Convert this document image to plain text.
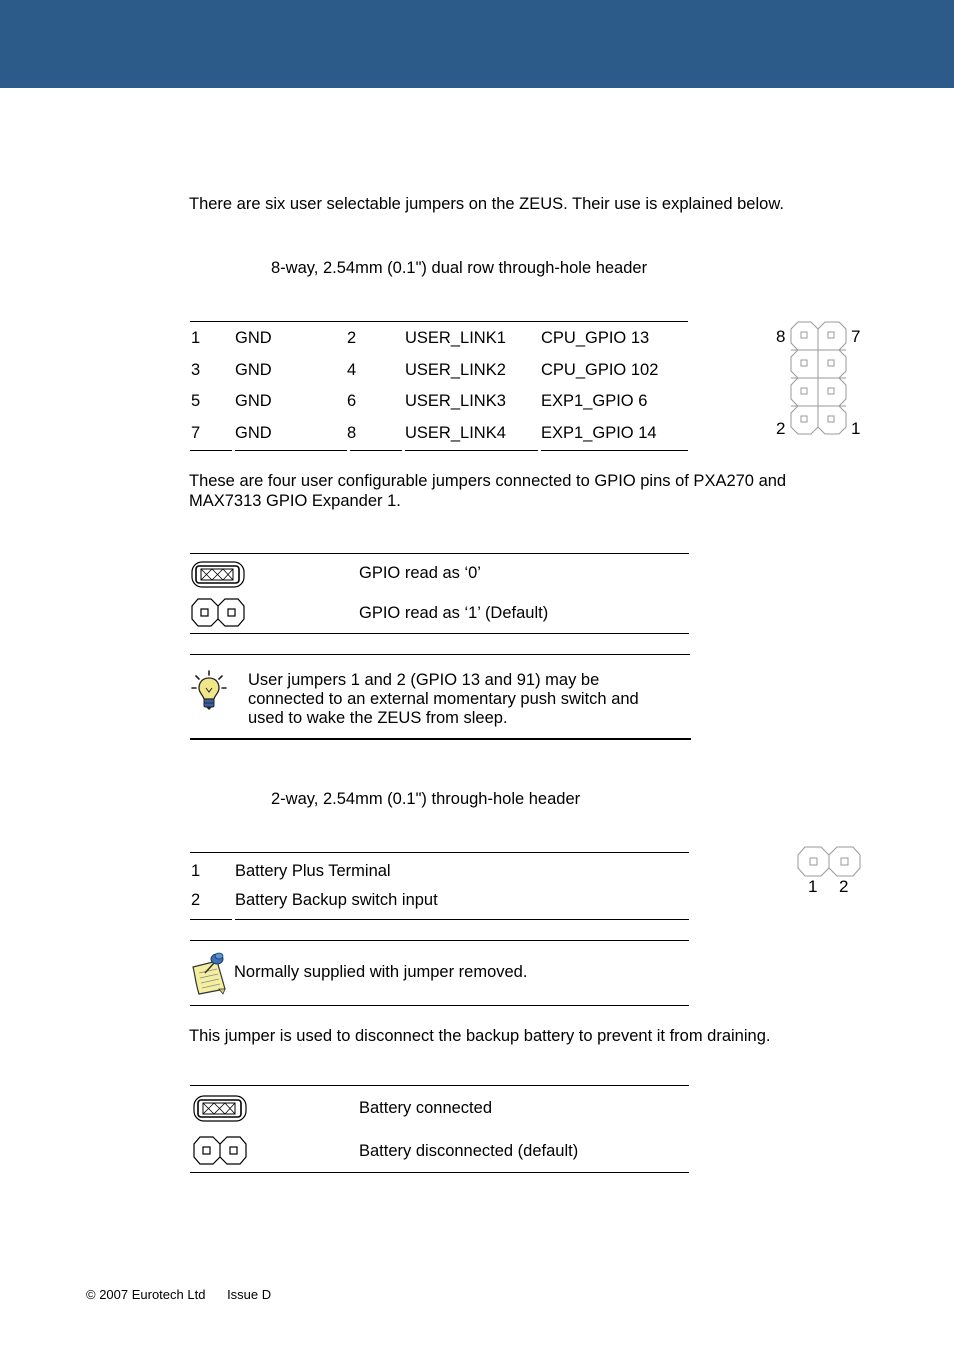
There are six user selectable jumpers on the ZEUS. Their use is explained below.
8-way, 2.54mm (0.1") dual row through-hole header
1 GND	2	USER_LINK1 CPU_GPIO 13
3 GND	4	USER_LINK2 CPU_GPIO 102
5 GND	6	USER_LINK3 EXP1_GPIO 6
7 GND	8	USER_LINK4 EXP1_GPIO 14
8	7
2	1
These are four user configurable jumpers connected to GPIO pins of PXA270 and
MAX7313 GPIO Expander 1.
GPIO read as ‘0’
GPIO read as ‘1’ (Default)
User jumpers 1 and 2 (GPIO 13 and 91) may be
connected to an external momentary push switch and
used to wake the ZEUS from sleep.
2-way, 2.54mm (0.1") through-hole header
1 Battery Plus Terminal
2 Battery Backup switch input
1 2
Normally supplied with jumper removed.
This jumper is used to disconnect the backup battery to prevent it from draining.
Battery connected
Battery disconnected (default)
© 2007 Eurotech Ltd Issue D
